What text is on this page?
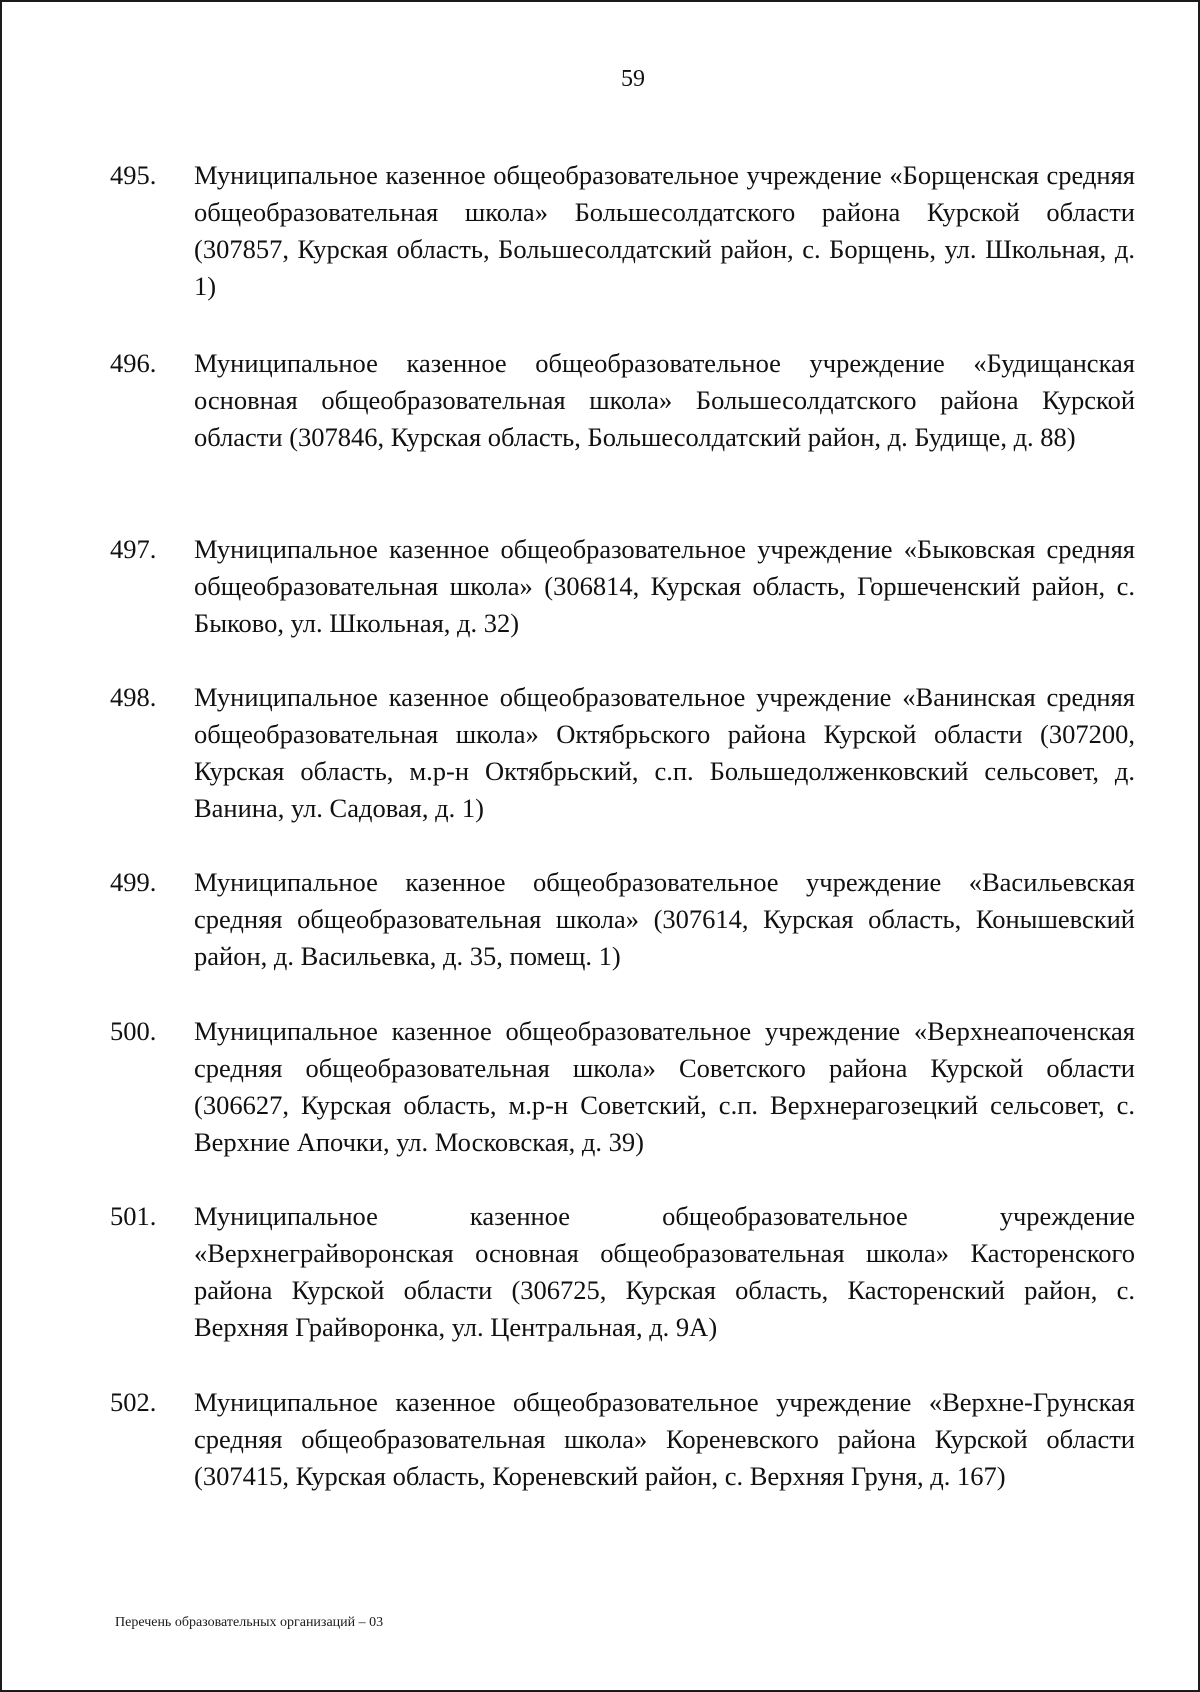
59
495.	Муниципальное казенное общеобразовательное учреждение «Борщенская средняя общеобразовательная школа» Большесолдатского района Курской области (307857, Курская область, Большесолдатский район, с. Борщень, ул. Школьная, д. 1)
496.	Муниципальное казенное общеобразовательное учреждение «Будищанская основная общеобразовательная школа» Большесолдатского района Курской области (307846, Курская область, Большесолдатский район, д. Будище, д. 88)
497.	Муниципальное казенное общеобразовательное учреждение «Быковская средняя общеобразовательная школа» (306814, Курская область, Горшеченский район, с. Быково, ул. Школьная, д. 32)
498.	Муниципальное казенное общеобразовательное учреждение «Ванинская средняя общеобразовательная школа» Октябрьского района Курской области (307200, Курская область, м.р-н Октябрьский, с.п. Большедолженковский сельсовет, д. Ванина, ул. Садовая, д. 1)
499.	Муниципальное казенное общеобразовательное учреждение «Васильевская средняя общеобразовательная школа» (307614, Курская область, Конышевский район, д. Васильевка, д. 35, помещ. 1)
500.	Муниципальное казенное общеобразовательное учреждение «Верхнеапоченская средняя общеобразовательная школа» Советского района Курской области (306627, Курская область, м.р-н Советский, с.п. Верхнерагозецкий сельсовет, с. Верхние Апочки, ул. Московская, д. 39)
501.	Муниципальное казенное общеобразовательное учреждение «Верхнеграйворонская основная общеобразовательная школа» Касторенского района Курской области (306725, Курская область, Касторенский район, с. Верхняя Грайворонка, ул. Центральная, д. 9А)
502.	Муниципальное казенное общеобразовательное учреждение «Верхне-Грунская средняя общеобразовательная школа» Кореневского района Курской области (307415, Курская область, Кореневский район, с. Верхняя Груня, д. 167)
Перечень образовательных организаций – 03
